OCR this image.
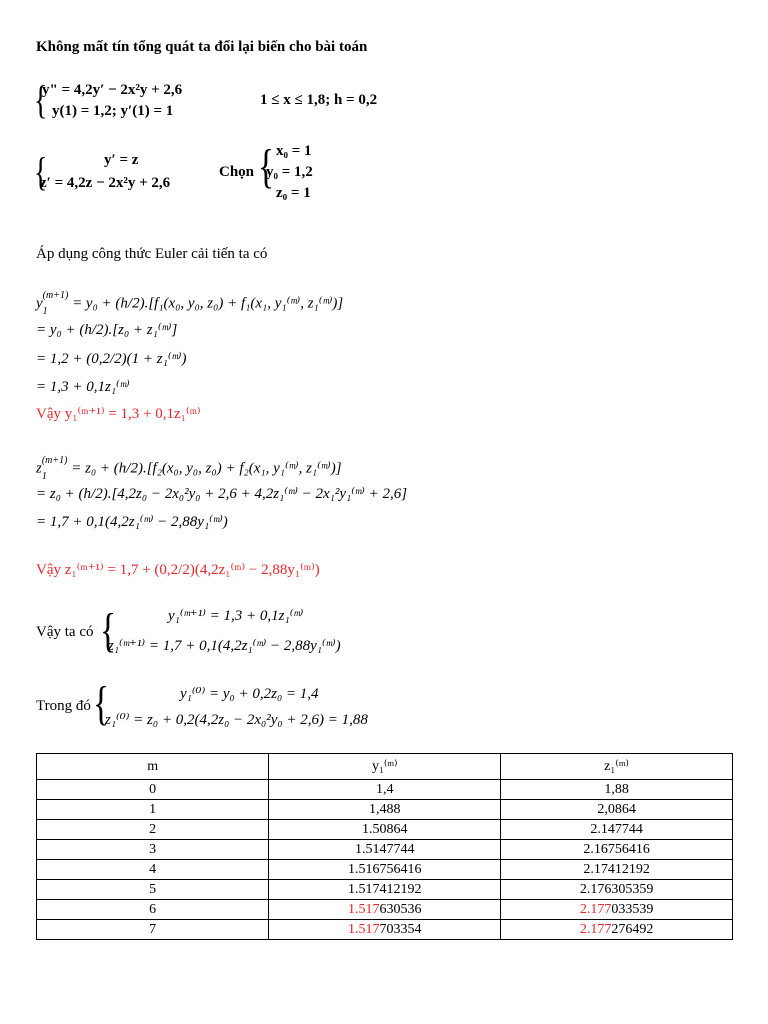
Không mất tín tổng quát ta đổi lại biến cho bài toán
{
y" = 4,2y′ − 2x²y + 2,6
y(1) = 1,2; y′(1) = 1
1 ≤ x ≤ 1,8; h = 0,2
{	y′ = z
z′ = 4,2z − 2x²y + 2,6
Chọn { x₀ = 1
y₀ = 1,2
z₀ = 1
Áp dụng công thức Euler cải tiến ta có
y (m+1)
1
= y₀ + (h/2).[f₁(x₀, y₀, z₀) + f₁(x₁, y₁⁽ᵐ⁾, z₁⁽ᵐ⁾)]
= y₀ + (h/2).[z₀ + z₁⁽ᵐ⁾]
= 1,2 + (0,2/2)(1 + z₁⁽ᵐ⁾)
= 1,3 + 0,1z₁⁽ᵐ⁾
Vậy y₁⁽ᵐ⁺¹⁾ = 1,3 + 0,1z₁⁽ᵐ⁾
z (m+1)
1
= z₀ + (h/2).[f₂(x₀, y₀, z₀) + f₂(x₁, y₁⁽ᵐ⁾, z₁⁽ᵐ⁾)]
= z₀ + (h/2).[4,2z₀ − 2x₀²y₀ + 2,6 + 4,2z₁⁽ᵐ⁾ − 2x₁²y₁⁽ᵐ⁾ + 2,6]
= 1,7 + 0,1(4,2z₁⁽ᵐ⁾ − 2,88y₁⁽ᵐ⁾)
Vậy z₁⁽ᵐ⁺¹⁾ = 1,7 + (0,2/2)(4,2z₁⁽ᵐ⁾ − 2,88y₁⁽ᵐ⁾)
Vậy ta có {	y₁⁽ᵐ⁺¹⁾ = 1,3 + 0,1z₁⁽ᵐ⁾
z₁⁽ᵐ⁺¹⁾ = 1,7 + 0,1(4,2z₁⁽ᵐ⁾ − 2,88y₁⁽ᵐ⁾)
Trong đó {	y₁⁽⁰⁾ = y₀ + 0,2z₀ = 1,4
z₁⁽⁰⁾ = z₀ + 0,2(4,2z₀ − 2x₀²y₀ + 2,6) = 1,88
m	y₁⁽ᵐ⁾	z₁⁽ᵐ⁾
0	1,4	1,88
1	1,488	2,0864
2	1.50864	2.147744
3	1.5147744	2.16756416
4	1.516756416	2.17412192
5	1.517412192	2.176305359
6	1.517630536	2.177033539
7	1.517703354	2.177276492
